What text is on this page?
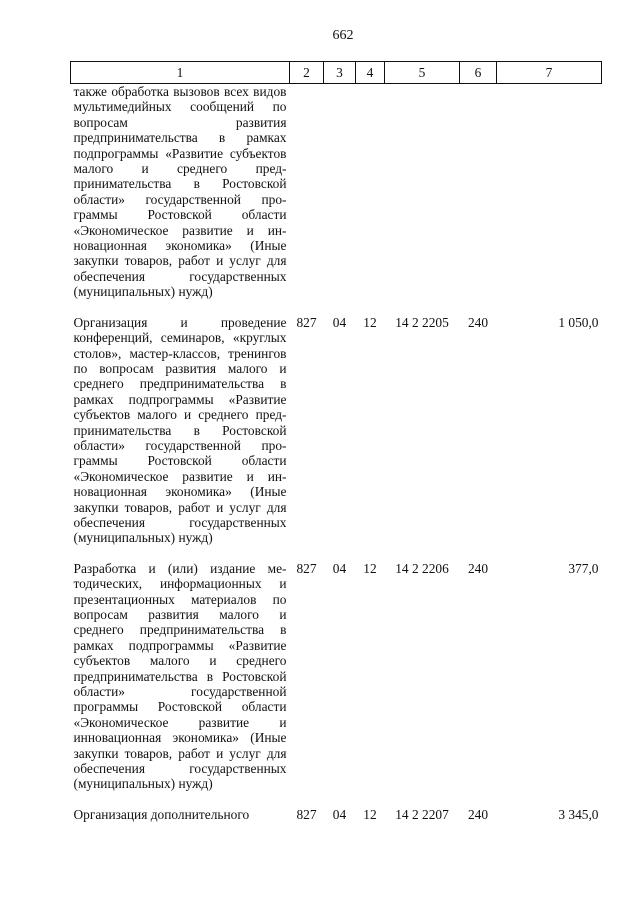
662
1	2	3	4	5	6	7
также обработка вызовов всех видов мультимедийных сообщений по вопросам развития предпринимательства в рамках подпрограммы «Развитие субъектов малого и среднего предпринимательства в Ростовской области» государственной программы Ростовской области «Экономическое развитие и инновационная экономика» (Иные закупки товаров, работ и услуг для обеспечения государственных (муниципальных) нужд)						
Организация и проведение конференций, семинаров, «круглых столов», мастер-классов, тренингов по вопросам развития малого и среднего предпринимательства в рамках подпрограммы «Развитие субъектов малого и среднего предпринимательства в Ростовской области» государственной программы Ростовской области «Экономическое развитие и инновационная экономика» (Иные закупки товаров, работ и услуг для обеспечения государственных (муниципальных) нужд)	827	04	12	14 2 2205	240	1 050,0
Разработка и (или) издание методических, информационных и презентационных материалов по вопросам развития малого и среднего предпринимательства в рамках подпрограммы «Развитие субъектов малого и среднего предпринимательства в Ростовской области» государственной программы Ростовской области «Экономическое развитие и инновационная экономика» (Иные закупки товаров, работ и услуг для обеспечения государственных (муниципальных) нужд)	827	04	12	14 2 2206	240	377,0
Организация дополнительного	827	04	12	14 2 2207	240	3 345,0
